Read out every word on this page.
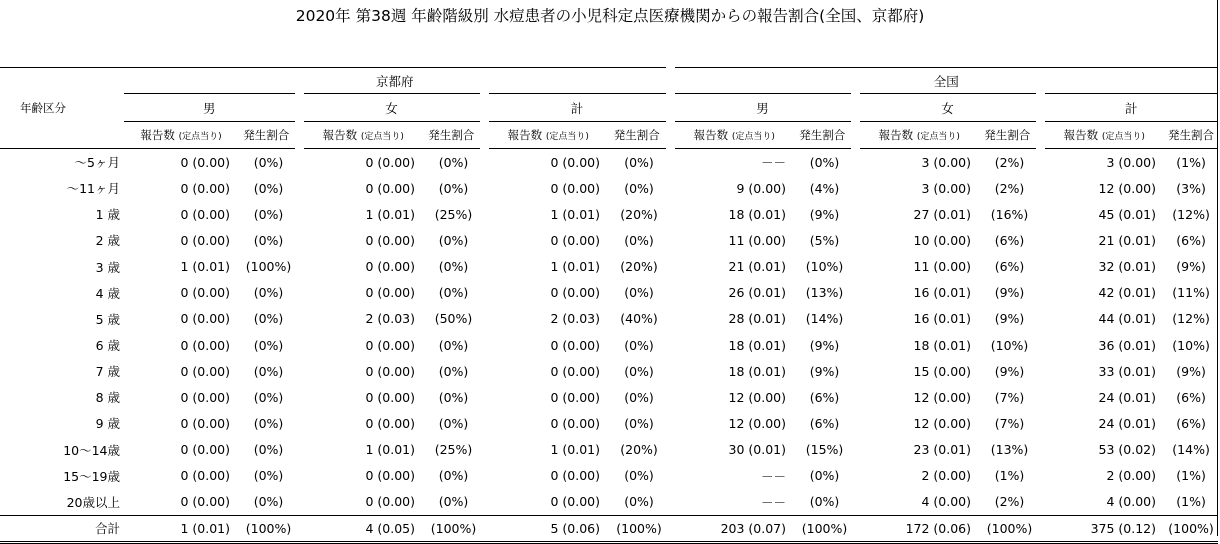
2020年 第38週 年齢階級別 水痘患者の小児科定点医療機関からの報告割合(全国、京都府)
年齢区分	京都府						全国					
	男		女		計		男		女		計	
	報告数 (定点当り)	発生割合	報告数 (定点当り)	発生割合	報告数 (定点当り)	発生割合	報告数 (定点当り)	発生割合	報告数 (定点当り)	発生割合	報告数 (定点当り)	発生割合
～5ヶ月	0 (0.00)	(0%)	0 (0.00)	(0%)	0 (0.00)	(0%)	－－	(0%)	3 (0.00)	(2%)	3 (0.00)	(1%)
～11ヶ月	0 (0.00)	(0%)	0 (0.00)	(0%)	0 (0.00)	(0%)	9 (0.00)	(4%)	3 (0.00)	(2%)	12 (0.00)	(3%)
1 歳	0 (0.00)	(0%)	1 (0.01)	(25%)	1 (0.01)	(20%)	18 (0.01)	(9%)	27 (0.01)	(16%)	45 (0.01)	(12%)
2 歳	0 (0.00)	(0%)	0 (0.00)	(0%)	0 (0.00)	(0%)	11 (0.00)	(5%)	10 (0.00)	(6%)	21 (0.01)	(6%)
3 歳	1 (0.01)	(100%)	0 (0.00)	(0%)	1 (0.01)	(20%)	21 (0.01)	(10%)	11 (0.00)	(6%)	32 (0.01)	(9%)
4 歳	0 (0.00)	(0%)	0 (0.00)	(0%)	0 (0.00)	(0%)	26 (0.01)	(13%)	16 (0.01)	(9%)	42 (0.01)	(11%)
5 歳	0 (0.00)	(0%)	2 (0.03)	(50%)	2 (0.03)	(40%)	28 (0.01)	(14%)	16 (0.01)	(9%)	44 (0.01)	(12%)
6 歳	0 (0.00)	(0%)	0 (0.00)	(0%)	0 (0.00)	(0%)	18 (0.01)	(9%)	18 (0.01)	(10%)	36 (0.01)	(10%)
7 歳	0 (0.00)	(0%)	0 (0.00)	(0%)	0 (0.00)	(0%)	18 (0.01)	(9%)	15 (0.00)	(9%)	33 (0.01)	(9%)
8 歳	0 (0.00)	(0%)	0 (0.00)	(0%)	0 (0.00)	(0%)	12 (0.00)	(6%)	12 (0.00)	(7%)	24 (0.01)	(6%)
9 歳	0 (0.00)	(0%)	0 (0.00)	(0%)	0 (0.00)	(0%)	12 (0.00)	(6%)	12 (0.00)	(7%)	24 (0.01)	(6%)
10～14歳	0 (0.00)	(0%)	1 (0.01)	(25%)	1 (0.01)	(20%)	30 (0.01)	(15%)	23 (0.01)	(13%)	53 (0.02)	(14%)
15～19歳	0 (0.00)	(0%)	0 (0.00)	(0%)	0 (0.00)	(0%)	－－	(0%)	2 (0.00)	(1%)	2 (0.00)	(1%)
20歳以上	0 (0.00)	(0%)	0 (0.00)	(0%)	0 (0.00)	(0%)	－－	(0%)	4 (0.00)	(2%)	4 (0.00)	(1%)
合計	1 (0.01)	(100%)	4 (0.05)	(100%)	5 (0.06)	(100%)	203 (0.07)	(100%)	172 (0.06)	(100%)	375 (0.12)	(100%)
